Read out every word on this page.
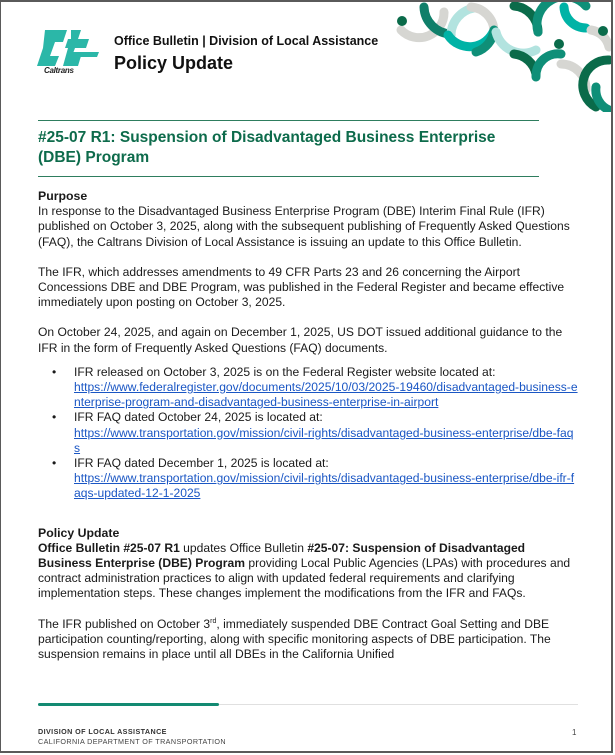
Caltrans
Office Bulletin | Division of Local Assistance
Policy Update
#25-07 R1: Suspension of Disadvantaged Business Enterprise (DBE) Program
Purpose

In response to the Disadvantaged Business Enterprise Program (DBE) Interim Final Rule (IFR) published on October 3, 2025, along with the subsequent publishing of Frequently Asked Questions (FAQ), the Caltrans Division of Local Assistance is issuing an update to this Office Bulletin.

The IFR, which addresses amendments to 49 CFR Parts 23 and 26 concerning the Airport Concessions DBE and DBE Program, was published in the Federal Register and became effective immediately upon posting on October 3, 2025.

On October 24, 2025, and again on December 1, 2025, US DOT issued additional guidance to the IFR in the form of Frequently Asked Questions (FAQ) documents.

• IFR released on October 3, 2025 is on the Federal Register website located at:
https://www.federalregister.gov/documents/2025/10/03/2025-19460/disadvantaged-business-enterprise-program-and-disadvantaged-business-enterprise-in-airport
• IFR FAQ dated October 24, 2025 is located at:
https://www.transportation.gov/mission/civil-rights/disadvantaged-business-enterprise/dbe-faqs
• IFR FAQ dated December 1, 2025 is located at:
https://www.transportation.gov/mission/civil-rights/disadvantaged-business-enterprise/dbe-ifr-faqs-updated-12-1-2025
Policy Update

Office Bulletin #25-07 R1 updates Office Bulletin #25-07: Suspension of Disadvantaged Business Enterprise (DBE) Program providing Local Public Agencies (LPAs) with procedures and contract administration practices to align with updated federal requirements and clarifying implementation steps. These changes implement the modifications from the IFR and FAQs.

The IFR published on October 3rd, immediately suspended DBE Contract Goal Setting and DBE participation counting/reporting, along with specific monitoring aspects of DBE participation. The suspension remains in place until all DBEs in the California Unified

DIVISION OF LOCAL ASSISTANCE
CALIFORNIA DEPARTMENT OF TRANSPORTATION
1
